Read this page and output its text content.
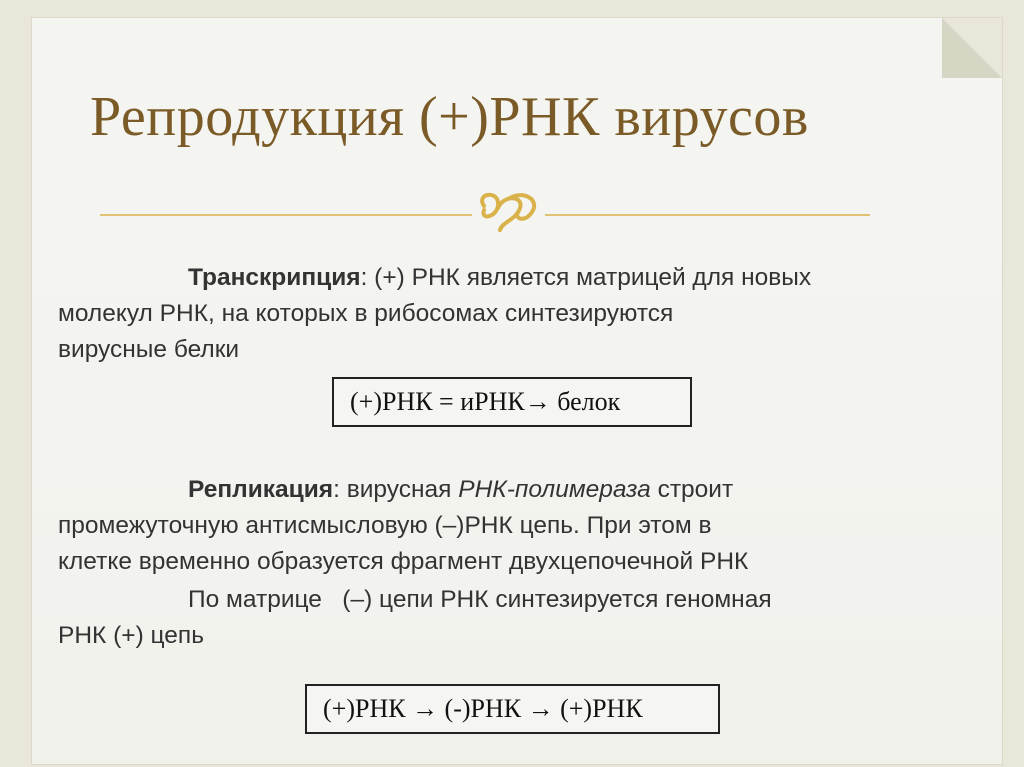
Репродукция (+)РНК вирусов
Транскрипция: (+) РНК является матрицей для новых
молекул РНК, на которых в рибосомах синтезируются
вирусные белки
(+)РНК = иРНК→ белок
Репликация: вирусная РНК-полимераза строит
промежуточную антисмысловую (–)РНК цепь. При этом в
клетке временно образуется фрагмент двухцепочечной РНК
По матрице   (–) цепи РНК синтезируется геномная
РНК (+) цепь
(+)РНК → (-)РНК → (+)РНК
